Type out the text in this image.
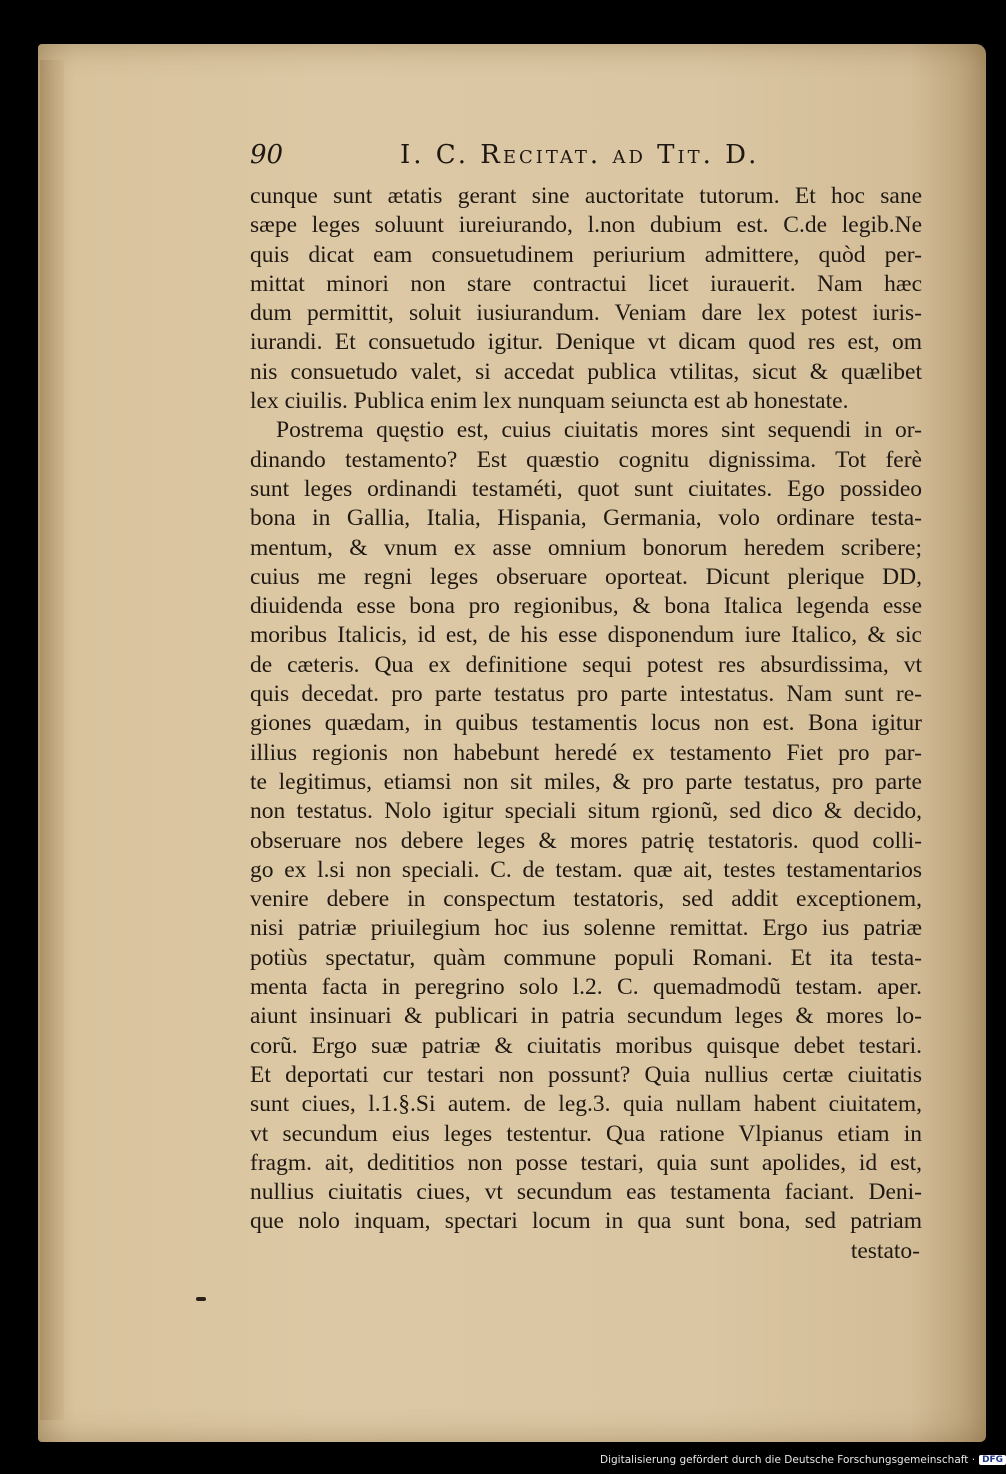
90	I. C. Recitat. ad Tit. D.
cunque sunt ætatis gerant sine auctoritate tutorum. Et hoc sane
sæpe leges soluunt iureiurando, l.non dubium est. C.de legib.Ne
quis dicat eam consuetudinem periurium admittere, quòd per-
mittat minori non stare contractui licet iurauerit. Nam hæc
dum permittit, soluit iusiurandum. Veniam dare lex potest iuris-
iurandi. Et consuetudo igitur. Denique vt dicam quod res est, om
nis consuetudo valet, si accedat publica vtilitas, sicut & quælibet
lex ciuilis. Publica enim lex nunquam seiuncta est ab honestate.
Postrema quęstio est, cuius ciuitatis mores sint sequendi in or-
dinando testamento? Est quæstio cognitu dignissima. Tot ferè
sunt leges ordinandi testaméti, quot sunt ciuitates. Ego possideo
bona in Gallia, Italia, Hispania, Germania, volo ordinare testa-
mentum, & vnum ex asse omnium bonorum heredem scribere;
cuius me regni leges obseruare oporteat. Dicunt plerique DD,
diuidenda esse bona pro regionibus, & bona Italica legenda esse
moribus Italicis, id est, de his esse disponendum iure Italico, & sic
de cæteris. Qua ex definitione sequi potest res absurdissima, vt
quis decedat. pro parte testatus pro parte intestatus. Nam sunt re-
giones quædam, in quibus testamentis locus non est. Bona igitur
illius regionis non habebunt heredé ex testamento Fiet pro par-
te legitimus, etiamsi non sit miles, & pro parte testatus, pro parte
non testatus. Nolo igitur speciali situm rgionũ, sed dico & decido,
obseruare nos debere leges & mores patrię testatoris. quod colli-
go ex l.si non speciali. C. de testam. quæ ait, testes testamentarios
venire debere in conspectum testatoris, sed addit exceptionem,
nisi patriæ priuilegium hoc ius solenne remittat. Ergo ius patriæ
potiùs spectatur, quàm commune populi Romani. Et ita testa-
menta facta in peregrino solo l.2. C. quemadmodũ testam. aper.
aiunt insinuari & publicari in patria secundum leges & mores lo-
corũ. Ergo suæ patriæ & ciuitatis moribus quisque debet testari.
Et deportati cur testari non possunt? Quia nullius certæ ciuitatis
sunt ciues, l.1.§.Si autem. de leg.3. quia nullam habent ciuitatem,
vt secundum eius leges testentur. Qua ratione Vlpianus etiam in
fragm. ait, dedititios non posse testari, quia sunt apolides, id est,
nullius ciuitatis ciues, vt secundum eas testamenta faciant. Deni-
que nolo inquam, spectari locum in qua sunt bona, sed patriam
testato-
Digitalisierung gefördert durch die Deutsche Forschungsgemeinschaft · DFG
